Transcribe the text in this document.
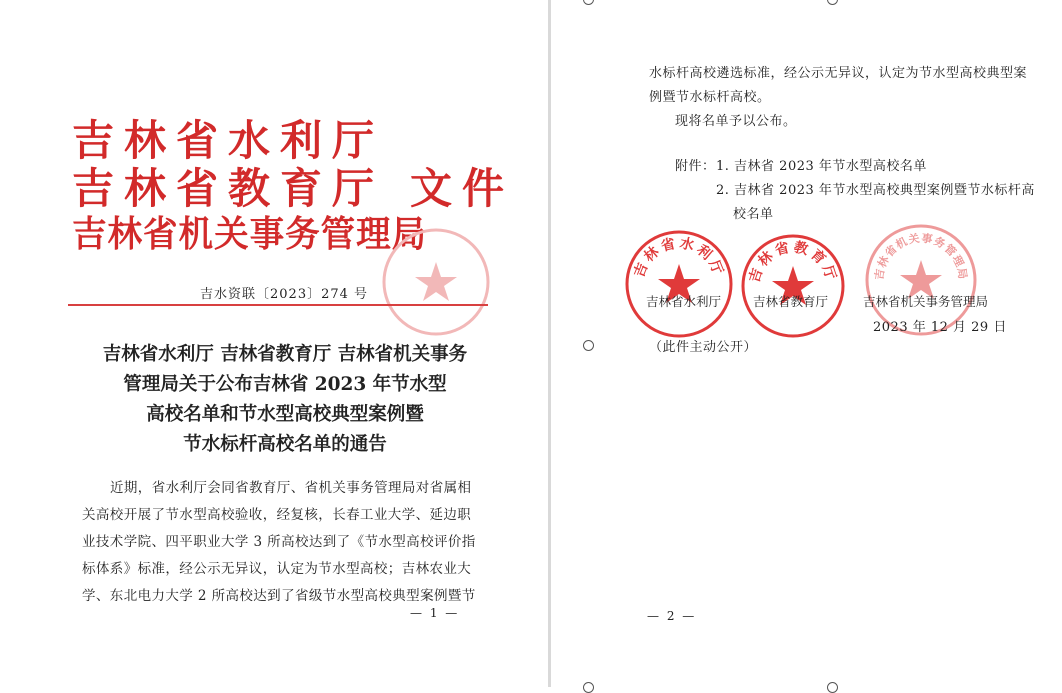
吉林省水利厅
吉林省教育厅 文件
吉林省机关事务管理局
吉水资联〔2023〕274 号
吉林省水利厅 吉林省教育厅 吉林省机关事务
管理局关于公布吉林省 2023 年节水型
高校名单和节水型高校典型案例暨
节水标杆高校名单的通告
近期，省水利厅会同省教育厅、省机关事务管理局对省属相
关高校开展了节水型高校验收，经复核，长春工业大学、延边职
业技术学院、四平职业大学 3 所高校达到了《节水型高校评价指
标体系》标准，经公示无异议，认定为节水型高校；吉林农业大
学、东北电力大学 2 所高校达到了省级节水型高校典型案例暨节
— 1 —
水标杆高校遴选标准，经公示无异议，认定为节水型高校典型案
例暨节水标杆高校。
现将名单予以公布。
附件： 1. 吉林省 2023 年节水型高校名单
2. 吉林省 2023 年节水型高校典型案例暨节水标杆高
校名单
吉林省水利厅 吉林省教育厅	吉林省机关事务管理局
吉林省水利厅	吉林省教育厅	吉林省机关事务管理局
2023 年 12 月 29 日
（此件主动公开）
— 2 —
